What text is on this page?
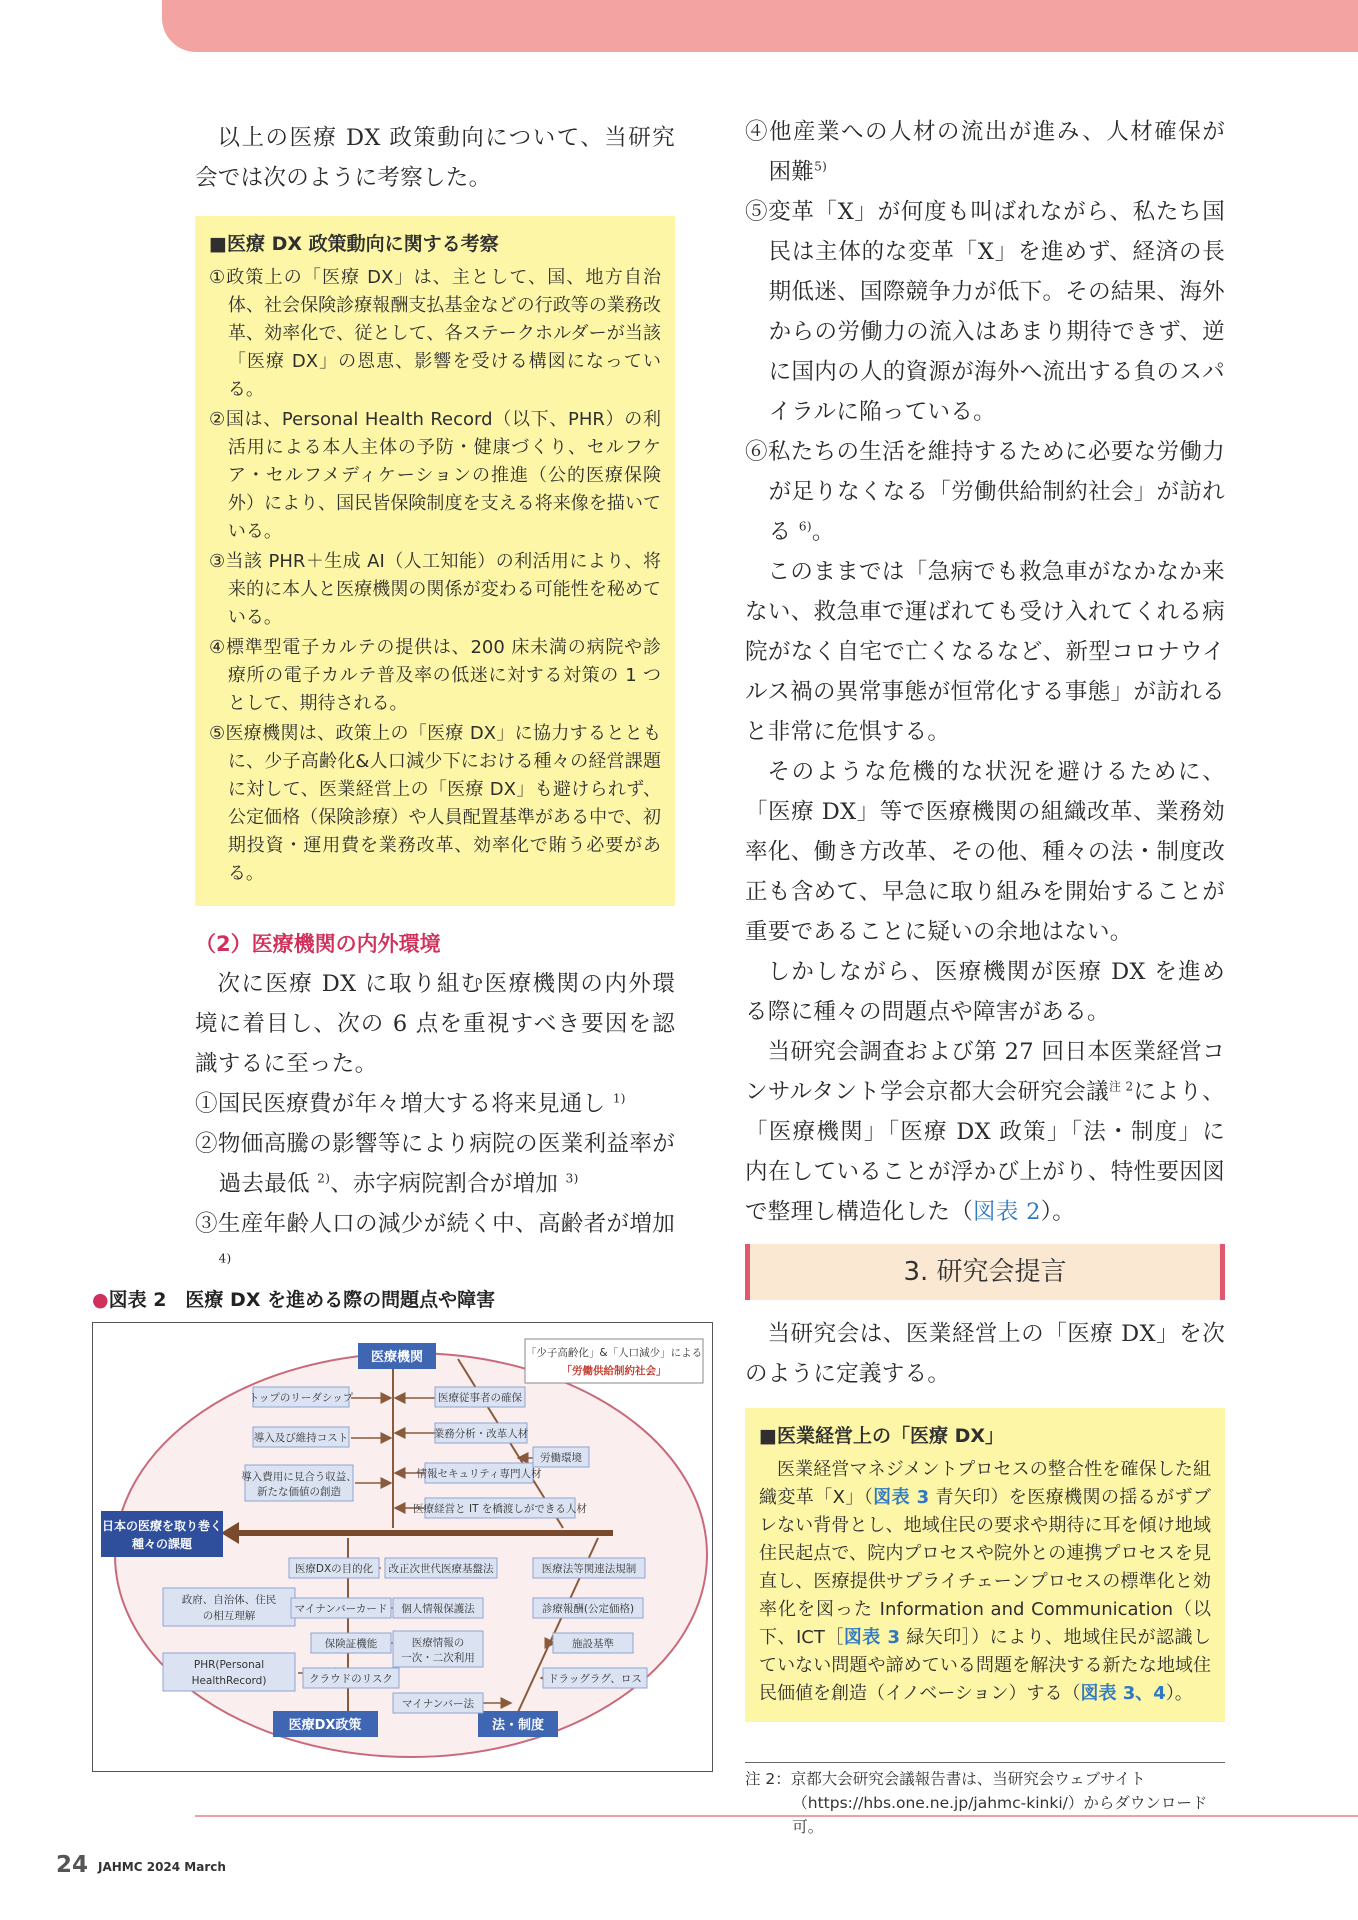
以上の医療 DX 政策動向について、当研究会では次のように考察した。

■医療 DX 政策動向に関する考察

①政策上の「医療 DX」は、主として、国、地方自治体、社会保険診療報酬支払基金などの行政等の業務改革、効率化で、従として、各ステークホルダーが当該「医療 DX」の恩恵、影響を受ける構図になっている。

②国は、Personal Health Record（以下、PHR）の利活用による本人主体の予防・健康づくり、セルフケア・セルフメディケーションの推進（公的医療保険外）により、国民皆保険制度を支える将来像を描いている。

③当該 PHR＋生成 AI（人工知能）の利活用により、将来的に本人と医療機関の関係が変わる可能性を秘めている。

④標準型電子カルテの提供は、200 床未満の病院や診療所の電子カルテ普及率の低迷に対する対策の 1 つとして、期待される。

⑤医療機関は、政策上の「医療 DX」に協力するとともに、少子高齢化&人口減少下における種々の経営課題に対して、医業経営上の「医療 DX」も避けられず、公定価格（保険診療）や人員配置基準がある中で、初期投資・運用費を業務改革、効率化で賄う必要がある。

（2）医療機関の内外環境

次に医療 DX に取り組む医療機関の内外環境に着目し、次の 6 点を重視すべき要因を認識するに至った。

①国民医療費が年々増大する将来見通し $^{1)}$

②物価高騰の影響等により病院の医業利益率が過去最低 $^{2)}$、赤字病院割合が増加 $^{3)}$

③生産年齢人口の減少が続く中、高齢者が増加 $^{4)}$

●図表 2　医療 DX を進める際の問題点や障害
医療機関
医療DX政策	法・制度
日本の医療を取り巻く
種々の課題
「少子高齢化」&「人口減少」による
「労働供給制約社会」
トップのリーダシップ	医療従事者の確保
導入及び維持コスト	業務分析・改革人材
労働環境
導入費用に見合う収益、
新たな価値の創造
情報セキュリティ専門人材
医療経営と IT を橋渡しができる人材
医療DXの目的化 改正次世代医療基盤法	医療法等関連法規制
政府、自治体、住民
の相互理解
マイナンバーカード 個人情報保護法	診療報酬(公定価格)
保険証機能	医療情報の
一次・二次利用
施設基準
PHR(Personal
HealthRecord)	クラウドのリスク	ドラッグラグ、ロス
マイナンバー法

④他産業への人材の流出が進み、人材確保が困難$^{5)}$

⑤変革「X」が何度も叫ばれながら、私たち国民は主体的な変革「X」を進めず、経済の長期低迷、国際競争力が低下。その結果、海外からの労働力の流入はあまり期待できず、逆に国内の人的資源が海外へ流出する負のスパイラルに陥っている。

⑥私たちの生活を維持するために必要な労働力が足りなくなる「労働供給制約社会」が訪れる $^{6)}$。

このままでは「急病でも救急車がなかなか来ない、救急車で運ばれても受け入れてくれる病院がなく自宅で亡くなるなど、新型コロナウイルス禍の異常事態が恒常化する事態」が訪れると非常に危惧する。

そのような危機的な状況を避けるために、「医療 DX」等で医療機関の組織改革、業務効率化、働き方改革、その他、種々の法・制度改正も含めて、早急に取り組みを開始することが重要であることに疑いの余地はない。

しかしながら、医療機関が医療 DX を進める際に種々の問題点や障害がある。

当研究会調査および第 27 回日本医業経営コンサルタント学会京都大会研究会議$^{注 2}$により、「医療機関」「医療 DX 政策」「法・制度」に内在していることが浮かび上がり、特性要因図で整理し構造化した（図表 2）。

3. 研究会提言

当研究会は、医業経営上の「医療 DX」を次のように定義する。

■医業経営上の「医療 DX」

医業経営マネジメントプロセスの整合性を確保した組織変革「X」（図表 3 青矢印）を医療機関の揺るがずブレない背骨とし、地域住民の要求や期待に耳を傾け地域住民起点で、院内プロセスや院外との連携プロセスを見直し、医療提供サプライチェーンプロセスの標準化と効率化を図った Information and Communication（以下、ICT［図表 3 緑矢印］）により、地域住民が認識していない問題や諦めている問題を解決する新たな地域住民価値を創造（イノベーション）する（図表 3、4）。

注 2：京都大会研究会議報告書は、当研究会ウェブサイト（https://hbs.one.ne.jp/jahmc-kinki/）からダウンロード可。

24 JAHMC 2024 March
